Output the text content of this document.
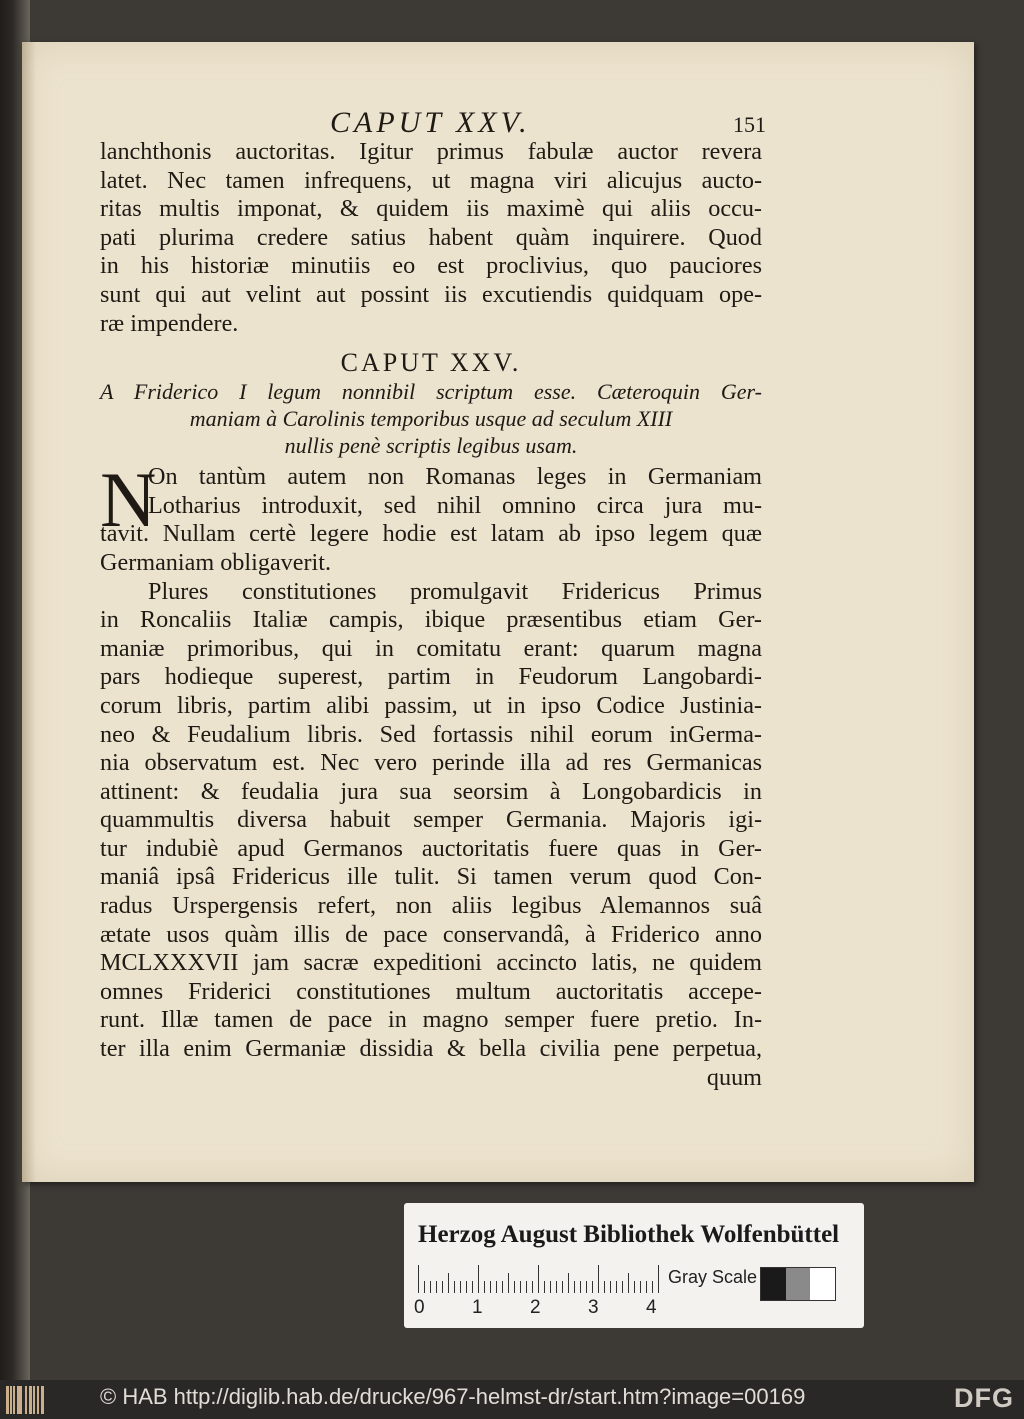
CAPUT XXV.	151
lanchthonis auctoritas. Igitur primus fabulæ auctor revera
latet. Nec tamen infrequens, ut magna viri alicujus aucto-
ritas multis imponat, & quidem iis maximè qui aliis occu-
pati plurima credere satius habent quàm inquirere. Quod
in his historiæ minutiis eo est proclivius, quo pauciores
sunt qui aut velint aut possint iis excutiendis quidquam ope-
ræ impendere.
CAPUT XXV.
A Friderico I legum nonnibil scriptum esse. Cæteroquin Ger-
maniam à Carolinis temporibus usque ad seculum XIII
nullis penè scriptis legibus usam.
N
On tantùm autem non Romanas leges in Germaniam
Lotharius introduxit, sed nihil omnino circa jura mu-
tavit. Nullam certè legere hodie est latam ab ipso legem quæ
Germaniam obligaverit.
Plures constitutiones promulgavit Fridericus Primus
in Roncaliis Italiæ campis, ibique præsentibus etiam Ger-
maniæ primoribus, qui in comitatu erant: quarum magna
pars hodieque superest, partim in Feudorum Langobardi-
corum libris, partim alibi passim, ut in ipso Codice Justinia-
neo & Feudalium libris. Sed fortassis nihil eorum inGerma-
nia observatum est. Nec vero perinde illa ad res Germanicas
attinent: & feudalia jura sua seorsim à Longobardicis in
quammultis diversa habuit semper Germania. Majoris igi-
tur indubiè apud Germanos auctoritatis fuere quas in Ger-
maniâ ipsâ Fridericus ille tulit. Si tamen verum quod Con-
radus Urspergensis refert, non aliis legibus Alemannos suâ
ætate usos quàm illis de pace conservandâ, à Friderico anno
MCLXXXVII jam sacræ expeditioni accincto latis, ne quidem
omnes Friderici constitutiones multum auctoritatis accepe-
runt. Illæ tamen de pace in magno semper fuere pretio. In-
ter illa enim Germaniæ dissidia & bella civilia pene perpetua,
quum
Herzog August Bibliothek Wolfenbüttel
0 1 2 3 4
Gray Scale
© HAB http://diglib.hab.de/drucke/967-helmst-dr/start.htm?image=00169	DFG
